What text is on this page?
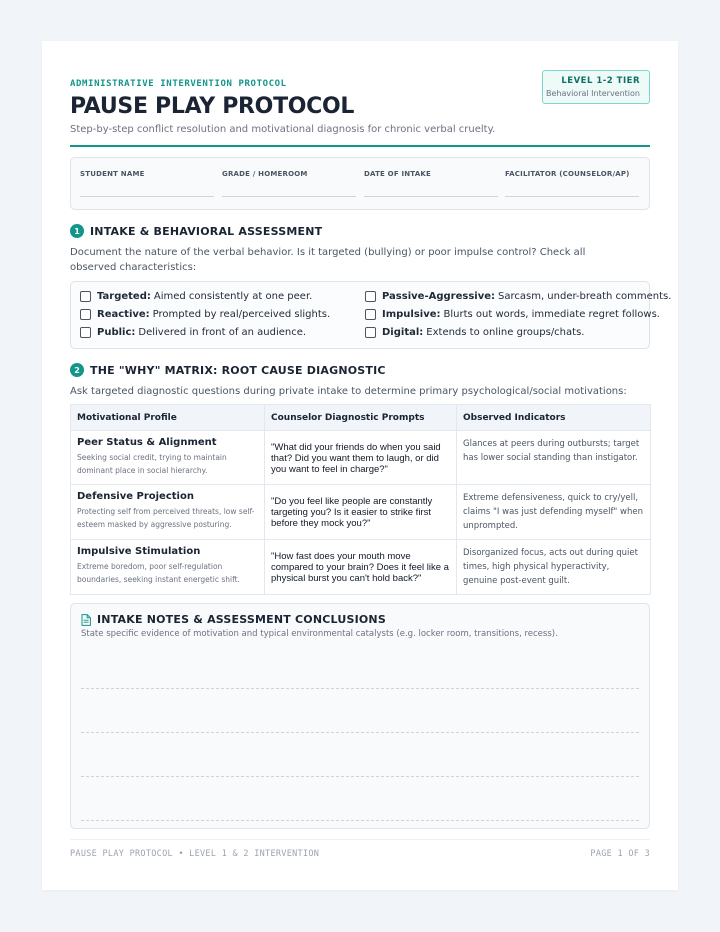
ADMINISTRATIVE INTERVENTION PROTOCOL
PAUSE PLAY PROTOCOL
Step-by-step conflict resolution and motivational diagnosis for chronic verbal cruelty.
LEVEL 1-2 TIER
Behavioral Intervention
STUDENT NAME	GRADE / HOMEROOM	DATE OF INTAKE	FACILITATOR (COUNSELOR/AP)
1 INTAKE & BEHAVIORAL ASSESSMENT
Document the nature of the verbal behavior. Is it targeted (bullying) or poor impulse control? Check all observed characteristics:
Targeted: Aimed consistently at one peer.
Reactive: Prompted by real/perceived slights.
Public: Delivered in front of an audience.
Passive-Aggressive: Sarcasm, under-breath comments.
Impulsive: Blurts out words, immediate regret follows.
Digital: Extends to online groups/chats.
2 THE "WHY" MATRIX: ROOT CAUSE DIAGNOSTIC
Ask targeted diagnostic questions during private intake to determine primary psychological/social motivations:
Motivational Profile	Counselor Diagnostic Prompts	Observed Indicators

Peer Status & Alignment
Seeking social credit, trying to maintain dominant place in social hierarchy.	"What did your friends do when you said that? Did you want them to laugh, or did you want to feel in charge?"	Glances at peers during outbursts; target has lower social standing than instigator.

Defensive Projection
Protecting self from perceived threats, low self-esteem masked by aggressive posturing.	"Do you feel like people are constantly targeting you? Is it easier to strike first before they mock you?"	Extreme defensiveness, quick to cry/yell, claims "I was just defending myself" when unprompted.

Impulsive Stimulation
Extreme boredom, poor self-regulation boundaries, seeking instant energetic shift.	"How fast does your mouth move compared to your brain? Does it feel like a physical burst you can't hold back?"	Disorganized focus, acts out during quiet times, high physical hyperactivity, genuine post-event guilt.
INTAKE NOTES & ASSESSMENT CONCLUSIONS
State specific evidence of motivation and typical environmental catalysts (e.g. locker room, transitions, recess).
PAUSE PLAY PROTOCOL • LEVEL 1 & 2 INTERVENTION	PAGE 1 OF 3
